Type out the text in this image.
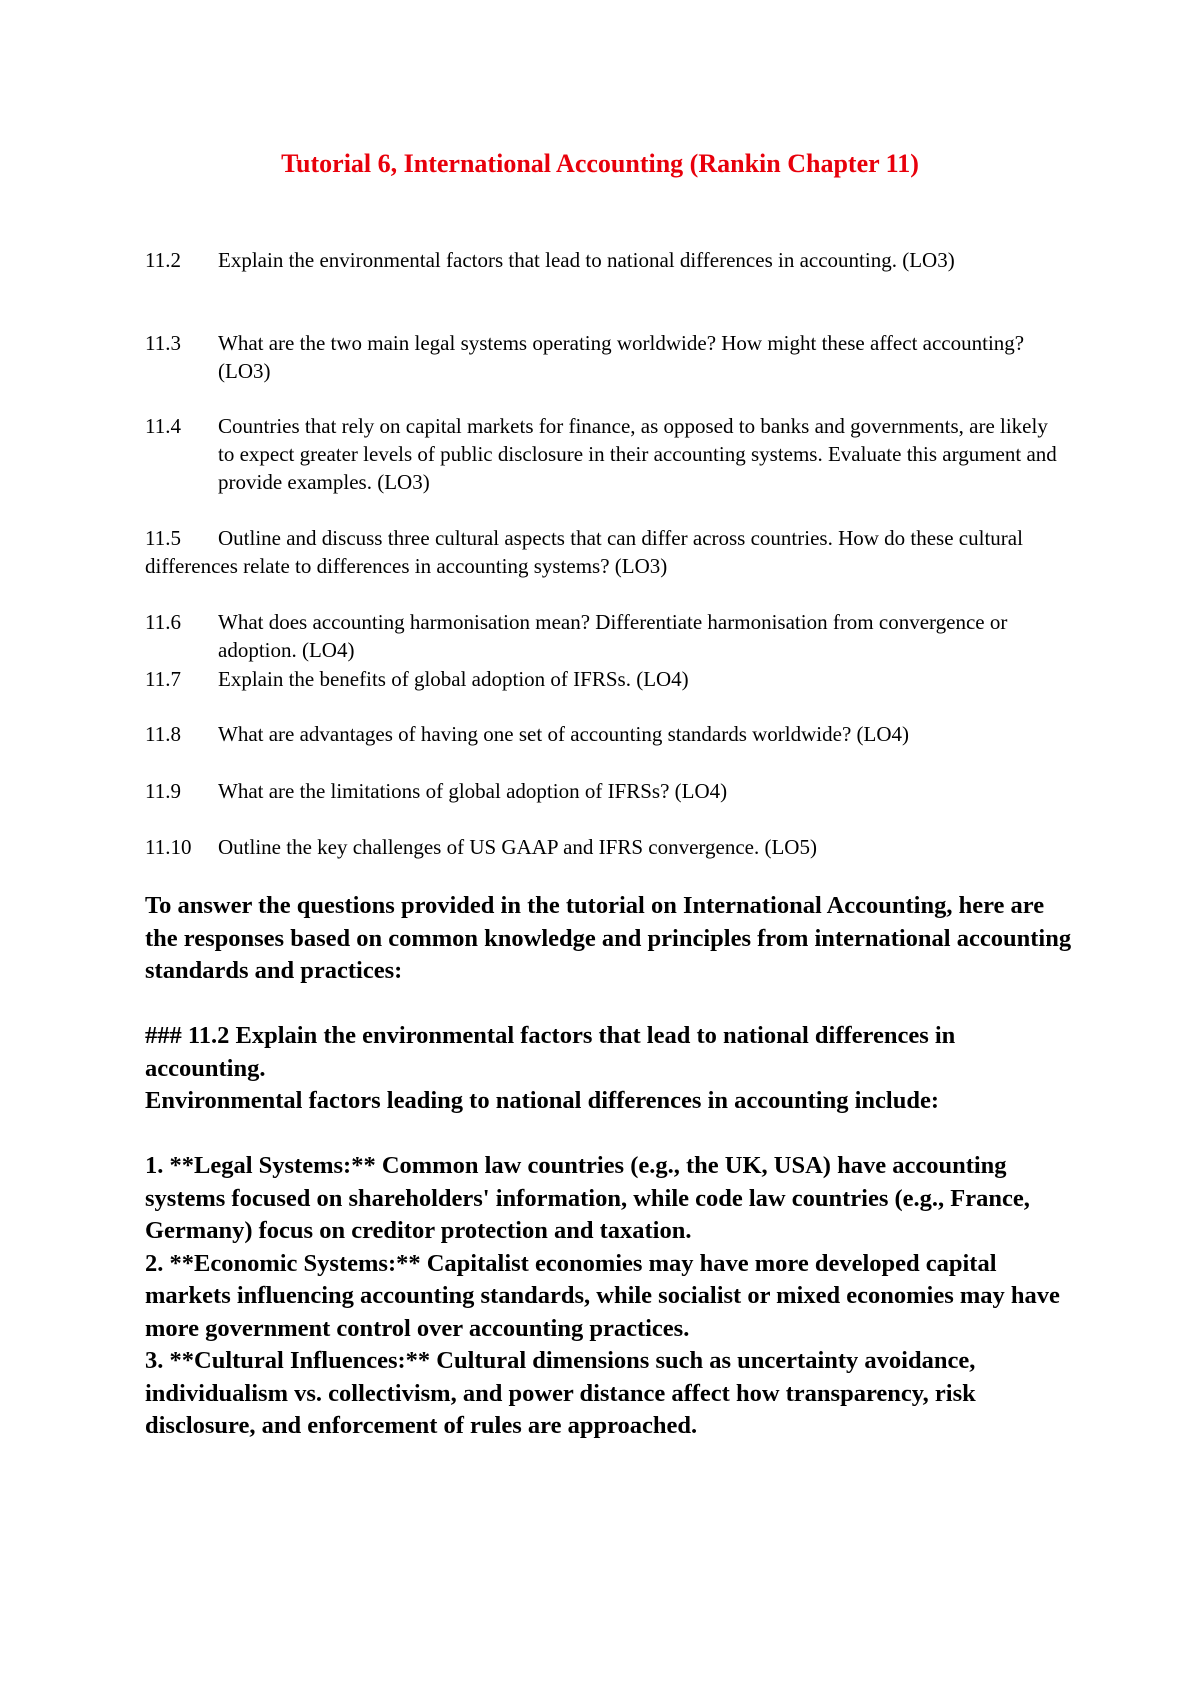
Tutorial 6, International Accounting (Rankin Chapter 11)
11.2	Explain the environmental factors that lead to national differences in accounting. (LO3)
11.3	What are the two main legal systems operating worldwide? How might these affect accounting? (LO3)
11.4	Countries that rely on capital markets for finance, as opposed to banks and governments, are likely to expect greater levels of public disclosure in their accounting systems. Evaluate this argument and provide examples. (LO3)
11.5 Outline and discuss three cultural aspects that can differ across countries. How do these cultural differences relate to differences in accounting systems? (LO3)
11.6	What does accounting harmonisation mean? Differentiate harmonisation from convergence or adoption. (LO4)
11.7	Explain the benefits of global adoption of IFRSs. (LO4)
11.8	What are advantages of having one set of accounting standards worldwide? (LO4)
11.9	What are the limitations of global adoption of IFRSs? (LO4)
11.10	Outline the key challenges of US GAAP and IFRS convergence. (LO5)

To answer the questions provided in the tutorial on International Accounting, here are the responses based on common knowledge and principles from international accounting standards and practices:

### 11.2 Explain the environmental factors that lead to national differences in accounting.

Environmental factors leading to national differences in accounting include:

1. **Legal Systems:** Common law countries (e.g., the UK, USA) have accounting systems focused on shareholders' information, while code law countries (e.g., France, Germany) focus on creditor protection and taxation.

2. **Economic Systems:** Capitalist economies may have more developed capital markets influencing accounting standards, while socialist or mixed economies may have more government control over accounting practices.

3. **Cultural Influences:** Cultural dimensions such as uncertainty avoidance, individualism vs. collectivism, and power distance affect how transparency, risk disclosure, and enforcement of rules are approached.
